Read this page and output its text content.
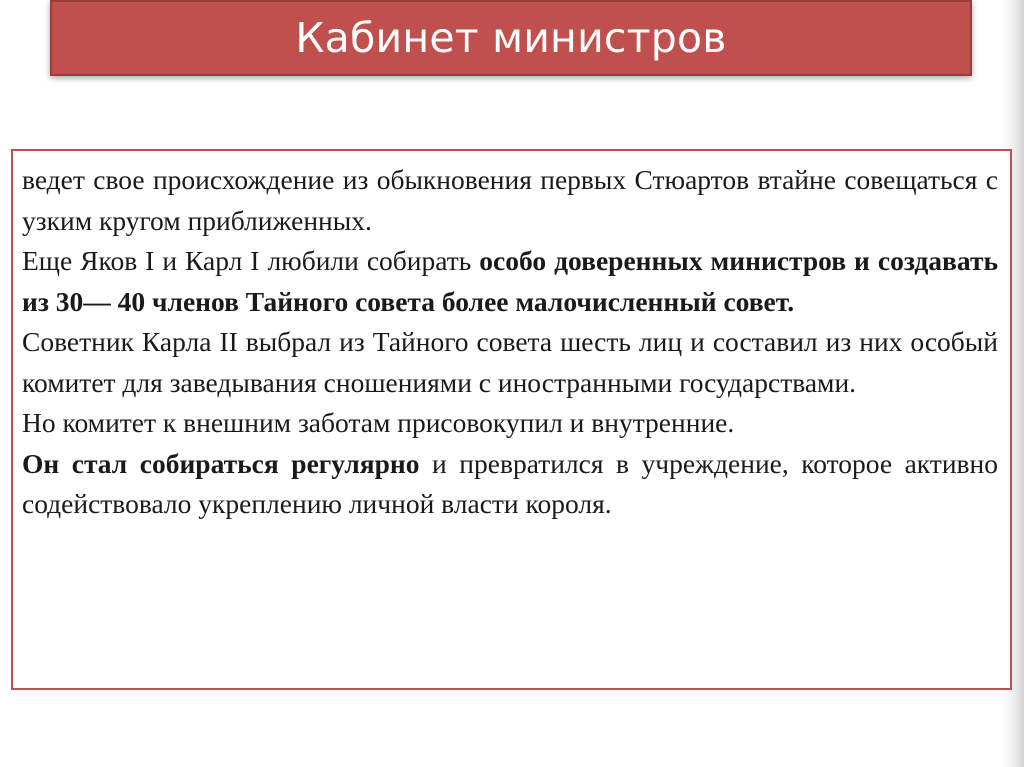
Кабинет министров

ведет свое происхождение из обыкновения первых Стюартов втайне совещаться с узким кругом приближенных.

Еще Яков I и Карл I любили собирать особо доверенных министров и создавать из 30— 40 членов Тайного совета более малочисленный совет.

Советник Карла II выбрал из Тайного совета шесть лиц и составил из них особый комитет для заведывания сношениями с иностранными государствами.

Но комитет к внешним заботам присовокупил и внутренние.

Он стал собираться регулярно и превратился в учреждение, которое активно содействовало укреплению личной власти короля.
